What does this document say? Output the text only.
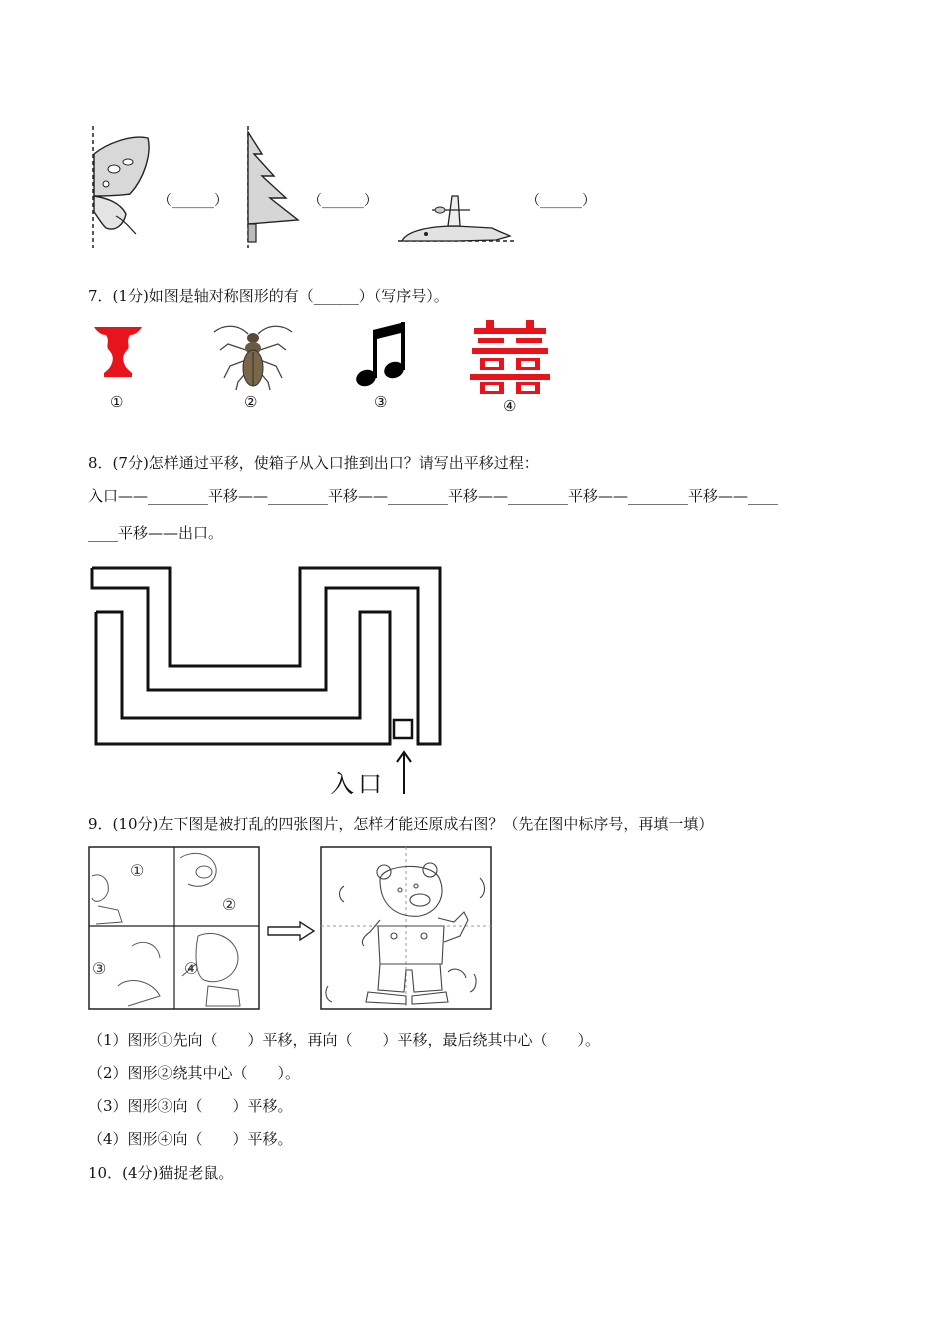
（______）	（______）	（______）
7．(1分)如图是轴对称图形的有（______）（写序号）。
①	②	③	④
8．(7分)怎样通过平移，使箱子从入口推到出口？请写出平移过程：
入口——________平移——________平移——________平移——________平移——________平移——____
____平移——出口。
入口
9．(10分)左下图是被打乱的四张图片，怎样才能还原成右图？（先在图中标序号，再填一填）
①
②
③	④
（1）图形①先向（　　）平移，再向（　　）平移，最后绕其中心（　　）。
（2）图形②绕其中心（　　）。
（3）图形③向（　　）平移。
（4）图形④向（　　）平移。
10．(4分)猫捉老鼠。
